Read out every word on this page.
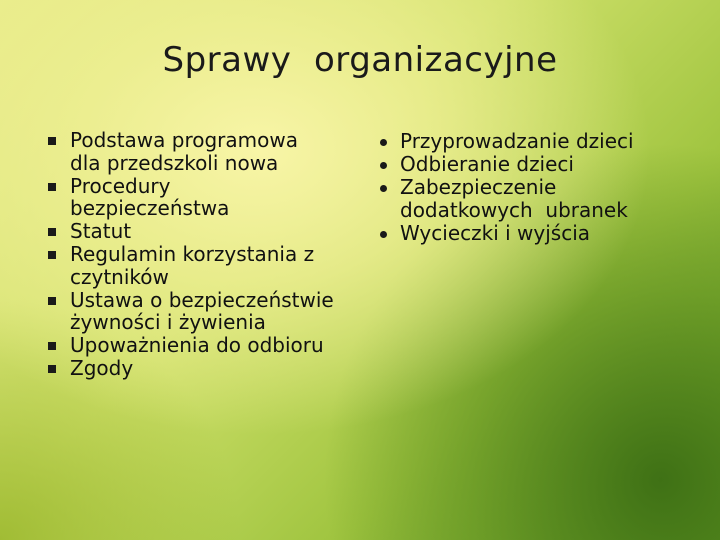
Sprawy  organizacyjne
Podstawa programowa
dla przedszkoli nowa
Procedury
bezpieczeństwa
Statut
Regulamin korzystania z
czytników
Ustawa o bezpieczeństwie
żywności i żywienia
Upoważnienia do odbioru
Zgody
Przyprowadzanie dzieci
Odbieranie dzieci
Zabezpieczenie
dodatkowych  ubranek
Wycieczki i wyjścia
